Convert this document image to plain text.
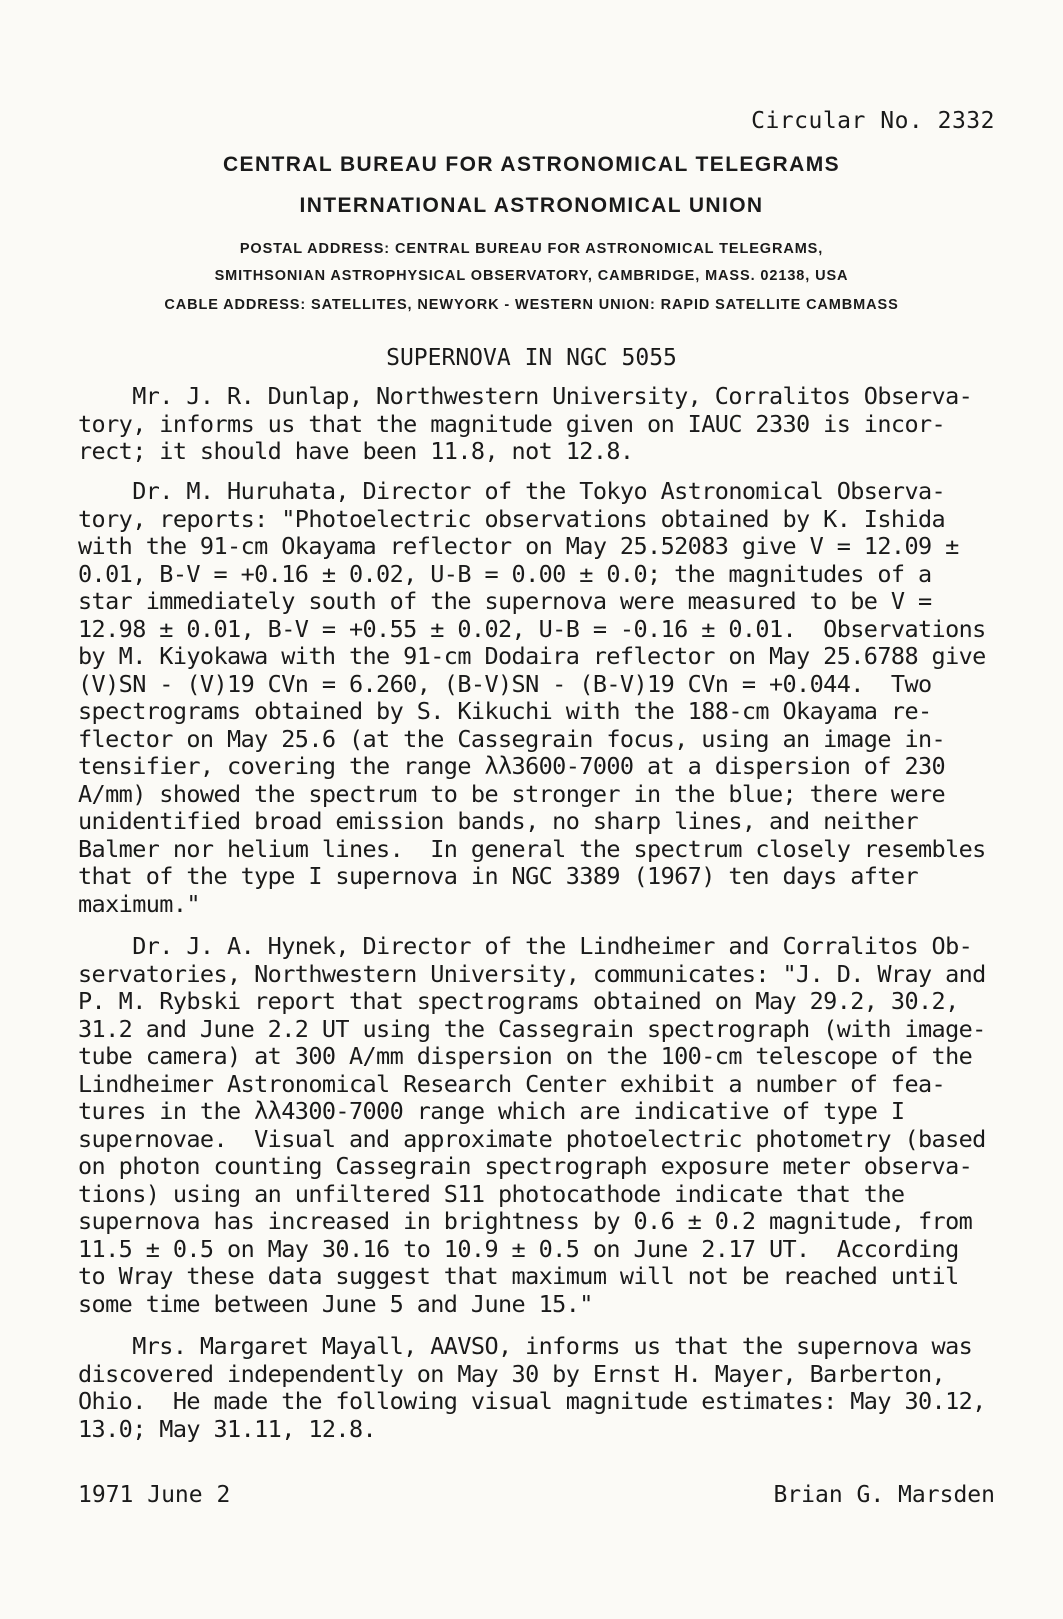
Circular No. 2332
CENTRAL BUREAU FOR ASTRONOMICAL TELEGRAMS
INTERNATIONAL ASTRONOMICAL UNION
POSTAL ADDRESS: CENTRAL BUREAU FOR ASTRONOMICAL TELEGRAMS,
SMITHSONIAN ASTROPHYSICAL OBSERVATORY, CAMBRIDGE, MASS. 02138, USA
CABLE ADDRESS: SATELLITES, NEWYORK - WESTERN UNION: RAPID SATELLITE CAMBMASS
SUPERNOVA IN NGC 5055
Mr. J. R. Dunlap, Northwestern University, Corralitos Observa-
tory, informs us that the magnitude given on IAUC 2330 is incor-
rect; it should have been 11.8, not 12.8.
Dr. M. Huruhata, Director of the Tokyo Astronomical Observa-
tory, reports: "Photoelectric observations obtained by K. Ishida
with the 91-cm Okayama reflector on May 25.52083 give V = 12.09 ±
0.01, B-V = +0.16 ± 0.02, U-B = 0.00 ± 0.0; the magnitudes of a
star immediately south of the supernova were measured to be V =
12.98 ± 0.01, B-V = +0.55 ± 0.02, U-B = -0.16 ± 0.01.  Observations
by M. Kiyokawa with the 91-cm Dodaira reflector on May 25.6788 give
(V)SN - (V)19 CVn = 6.260, (B-V)SN - (B-V)19 CVn = +0.044.  Two
spectrograms obtained by S. Kikuchi with the 188-cm Okayama re-
flector on May 25.6 (at the Cassegrain focus, using an image in-
tensifier, covering the range λλ3600-7000 at a dispersion of 230
A/mm) showed the spectrum to be stronger in the blue; there were
unidentified broad emission bands, no sharp lines, and neither
Balmer nor helium lines.  In general the spectrum closely resembles
that of the type I supernova in NGC 3389 (1967) ten days after
maximum."
Dr. J. A. Hynek, Director of the Lindheimer and Corralitos Ob-
servatories, Northwestern University, communicates: "J. D. Wray and
P. M. Rybski report that spectrograms obtained on May 29.2, 30.2,
31.2 and June 2.2 UT using the Cassegrain spectrograph (with image-
tube camera) at 300 A/mm dispersion on the 100-cm telescope of the
Lindheimer Astronomical Research Center exhibit a number of fea-
tures in the λλ4300-7000 range which are indicative of type I
supernovae.  Visual and approximate photoelectric photometry (based
on photon counting Cassegrain spectrograph exposure meter observa-
tions) using an unfiltered S11 photocathode indicate that the
supernova has increased in brightness by 0.6 ± 0.2 magnitude, from
11.5 ± 0.5 on May 30.16 to 10.9 ± 0.5 on June 2.17 UT.  According
to Wray these data suggest that maximum will not be reached until
some time between June 5 and June 15."
Mrs. Margaret Mayall, AAVSO, informs us that the supernova was
discovered independently on May 30 by Ernst H. Mayer, Barberton,
Ohio.  He made the following visual magnitude estimates: May 30.12,
13.0; May 31.11, 12.8.
1971 June 2	Brian G. Marsden
